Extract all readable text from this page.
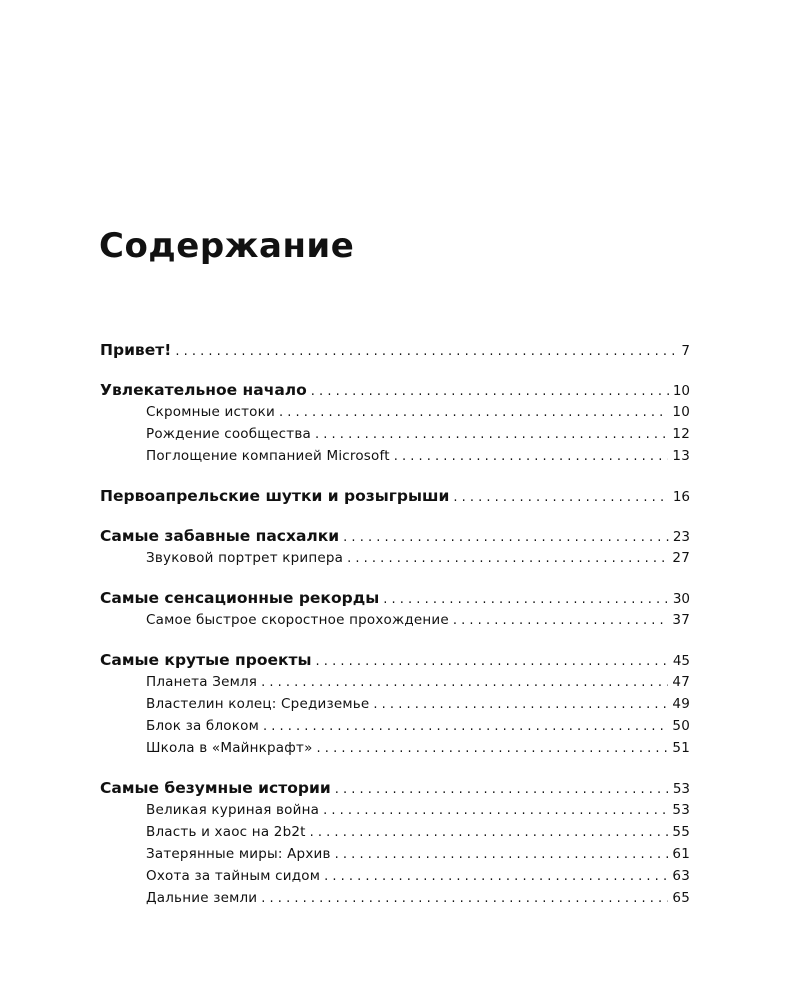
Содержание
Привет! . . .	7
Увлекательное начало . . .	10
Скромные истоки . . .	10
Рождение сообщества . . .	12
Поглощение компанией Microsoft . . .	13
Первоапрельские шутки и розыгрыши . . .	16
Самые забавные пасхалки . . .	23
Звуковой портрет крипера . . .	27
Самые сенсационные рекорды . . .	30
Самое быстрое скоростное прохождение . . .	37
Самые крутые проекты . . .	45
Планета Земля . . .	47
Властелин колец: Средиземье . . .	49
Блок за блоком . . .	50
Школа в «Майнкрафт» . . .	51
Самые безумные истории . . .	53
Великая куриная война . . .	53
Власть и хаос на 2b2t . . .	55
Затерянные миры: Архив . . .	61
Охота за тайным сидом . . .	63
Дальние земли . . .	65
